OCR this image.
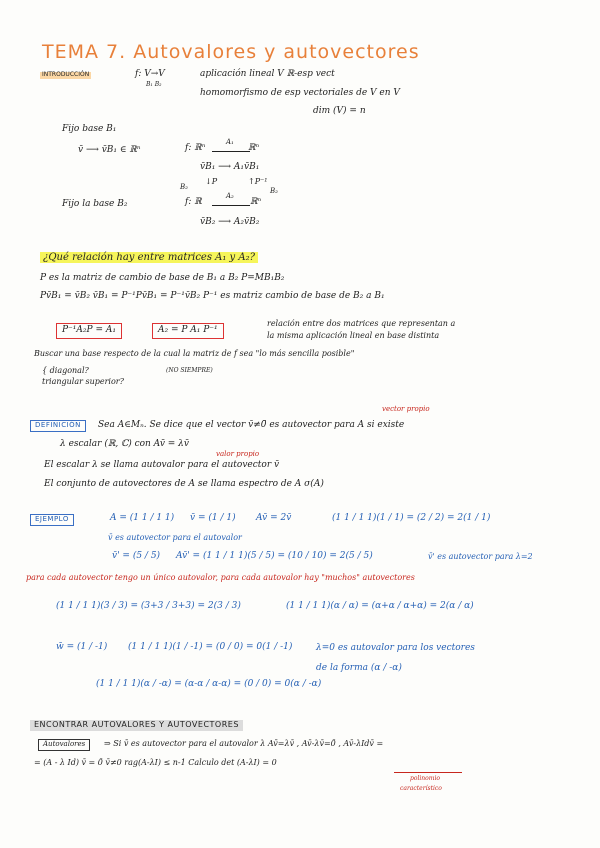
TEMA 7. Autovalores y autovectores
INTRODUCCIÓN	f: V→V
B₁ B₂
aplicación lineal V ℝ-esp vect
homomorfismo de esp vectoriales de V en V
dim (V) = n
Fijo base B₁
v̄ ⟶ v̄B₁ ∈ ℝⁿ	f: ℝⁿ
A₁
ℝⁿ
v̄B₁ ⟶ A₁v̄B₁
↓P	↑P⁻¹
B₂	B₂
Fijo la base B₂	f: ℝ
A₂
ℝⁿ
v̄B₂ ⟶ A₂v̄B₂
¿Qué relación hay entre matrices A₁ y A₂?
P es la matriz de cambio de base de B₁ a B₂ P=MB₁B₂
Pv̄B₁ = v̄B₂ v̄B₁ = P⁻¹Pv̄B₁ = P⁻¹v̄B₂ P⁻¹ es matriz cambio de base de B₂ a B₁
P⁻¹A₂P = A₁	A₂ = P A₁ P⁻¹
relación entre dos matrices que representan a
la misma aplicación lineal en base distinta
Buscar una base respecto de la cual la matriz de f sea "lo más sencilla posible"
{ diagonal?
triangular superior?
(NO SIEMPRE)
DEFINICIÓN
vector propio
Sea A∈Mₙ. Se dice que el vector v̄≠0̄ es autovector para A si existe
λ escalar (ℝ, ℂ) con Av̄ = λv̄
valor propio
El escalar λ se llama autovalor para el autovector v̄
El conjunto de autovectores de A se llama espectro de A σ(A)
EJEMPLO	A = (1 1 / 1 1) v̄ = (1 / 1) Av̄ = 2v̄	(1 1 / 1 1)(1 / 1) = (2 / 2) = 2(1 / 1)
v̄ es autovector para el autovalor
v̄' = (5 / 5) Av̄' = (1 1 / 1 1)(5 / 5) = (10 / 10) = 2(5 / 5)	v̄' es autovector para λ=2
para cada autovector tengo un único autovalor, para cada autovalor hay "muchos" autovectores
(1 1 / 1 1)(3 / 3) = (3+3 / 3+3) = 2(3 / 3)	(1 1 / 1 1)(α / α) = (α+α / α+α) = 2(α / α)
w̄ = (1 / -1) (1 1 / 1 1)(1 / -1) = (0 / 0) = 0(1 / -1)	λ=0 es autovalor para los vectores
de la forma (α / -α)
(1 1 / 1 1)(α / -α) = (α-α / α-α) = (0 / 0) = 0(α / -α)
ENCONTRAR AUTOVALORES Y AUTOVECTORES
Autovalores	⇒ Si v̄ es autovector para el autovalor λ Av̄=λv̄ , Av̄-λv̄=0̄ , Av̄-λIdv̄ =
= (A - λ Id) v̄ = 0̄ v̄≠0 rag(A-λI) ≤ n-1 Calculo det (A-λI) = 0
polinomio
característico
